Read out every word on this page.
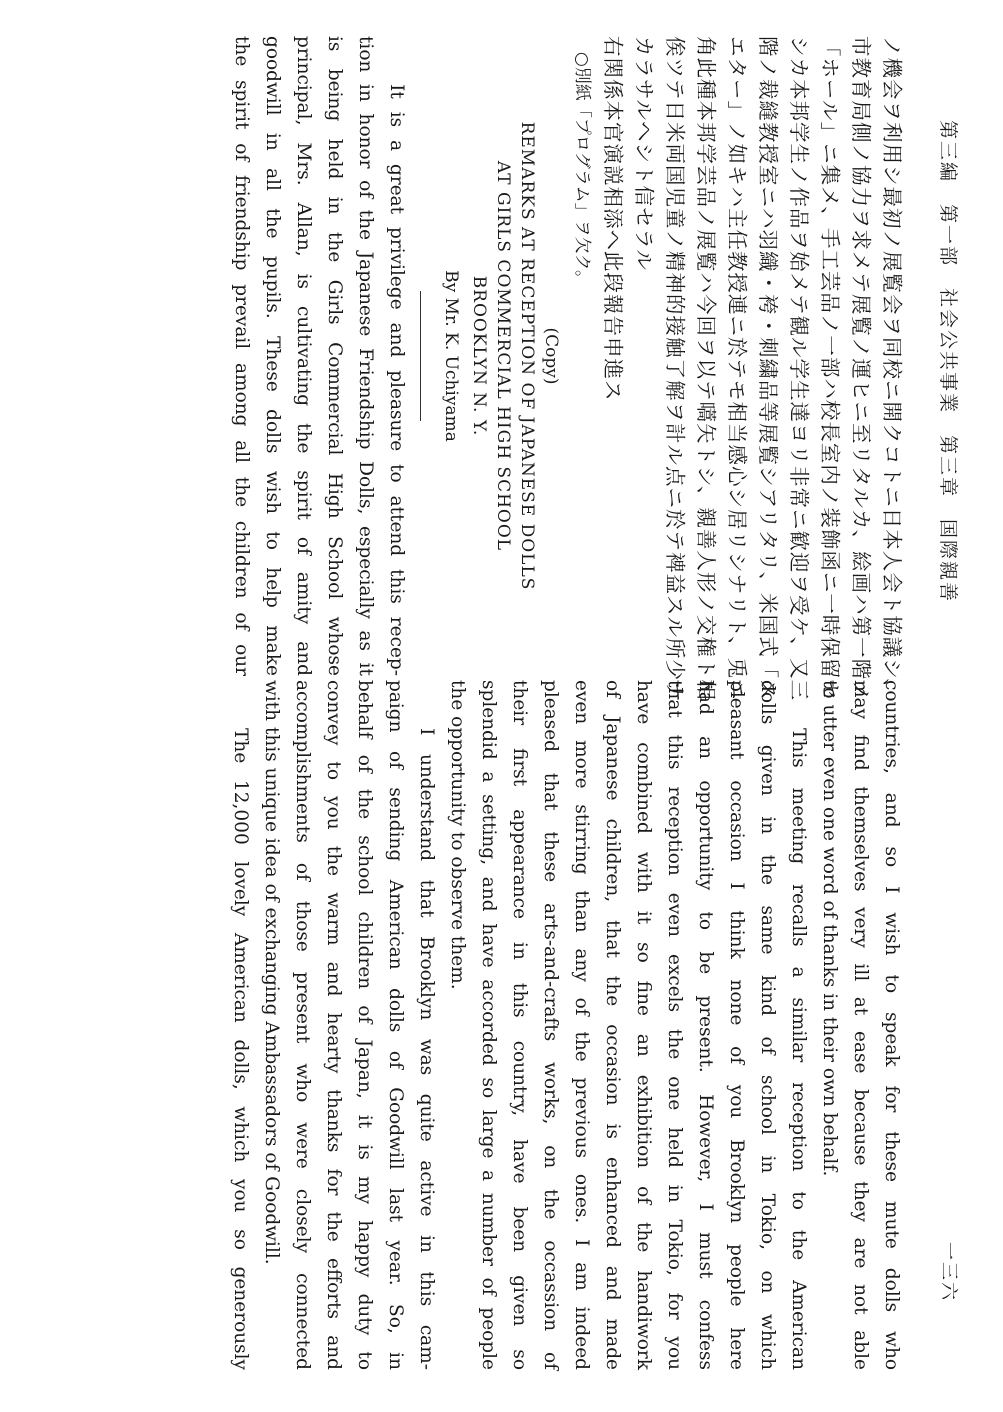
第三編　第一部　社会公共事業　第三章　国際親善
一三六
ノ機会ヲ利用シ最初ノ展覧会ヲ同校ニ開クコトニ日本人会ト協議シ、
市教育局側ノ協力ヲ求メテ展覧ノ運ヒニ至リタルカ、絵画ハ第一階ノ
「ホール」ニ集メ、手工芸品ノ一部ハ校長室内ノ装飾函ニ一時保留セ
シカ本邦学生ノ作品ヲ始メテ観ル学生達ヨリ非常ニ歓迎ヲ受ケ、又三
階ノ裁縫教授室ニハ羽織・袴・刺繍品等展覧シアリタリ、米国式「ス
エター」ノ如キハ主任教授連ニ於テモ相当感心シ居リシナリト、兎ニ
角此種本邦学芸品ノ展覧ハ今回ヲ以テ嚆矢トシ、親善人形ノ交権ト相
俟ツテ日米両国児童ノ精神的接触了解ヲ計ル点ニ於テ裨益スル所少ナ
カラサルヘシト信セラル
右関係本官演説相添ヘ此段報告申進ス
○別紙「プログラム」ヲ欠ク。
(Copy)
REMARKS AT RECEPTION OF JAPANESE DOLLS
AT GIRLS COMMERCIAL HIGH SCHOOL
BROOKLYN N. Y.
By Mr. K. Uchiyama
It is a great privilege and pleasure to attend this recep-
tion in honor of the Japanese Friendship Dolls, especially as it
is being held in the Girls Commercial High School whose
principal, Mrs. Allan, is cultivating the spirit of amity and
goodwill in all the pupils. These dolls wish to help make
the spirit of friendship prevail among all the children of our
countries, and so I wish to speak for these mute dolls who
may find themselves very ill at ease because they are not able
to utter even one word of thanks in their own behalf.
This meeting recalls a similar reception to the American
dolls given in the same kind of school in Tokio, on which
pleasant occasion I think none of you Brooklyn people here
had an opportunity to be present. However, I must confess
that this reception even excels the one held in Tokio, for you
have combined with it so fine an exhibition of the handiwork
of Japanese children, that the occasion is enhanced and made
even more stirring than any of the previous ones. I am indeed
pleased that these arts-and-crafts works, on the occassion of
their first appearance in this country, have been given so
splendid a setting, and have accorded so large a number of people
the opportunity to observe them.
I understand that Brooklyn was quite active in this cam-
paign of sending American dolls of Goodwill last year. So, in
behalf of the school children of Japan, it is my happy duty to
convey to you the warm and hearty thanks for the efforts and
accomplishments of those present who were closely connected
with this unique idea of exchanging Ambassadors of Goodwill.
The 12,000 lovely American dolls, which you so generously
